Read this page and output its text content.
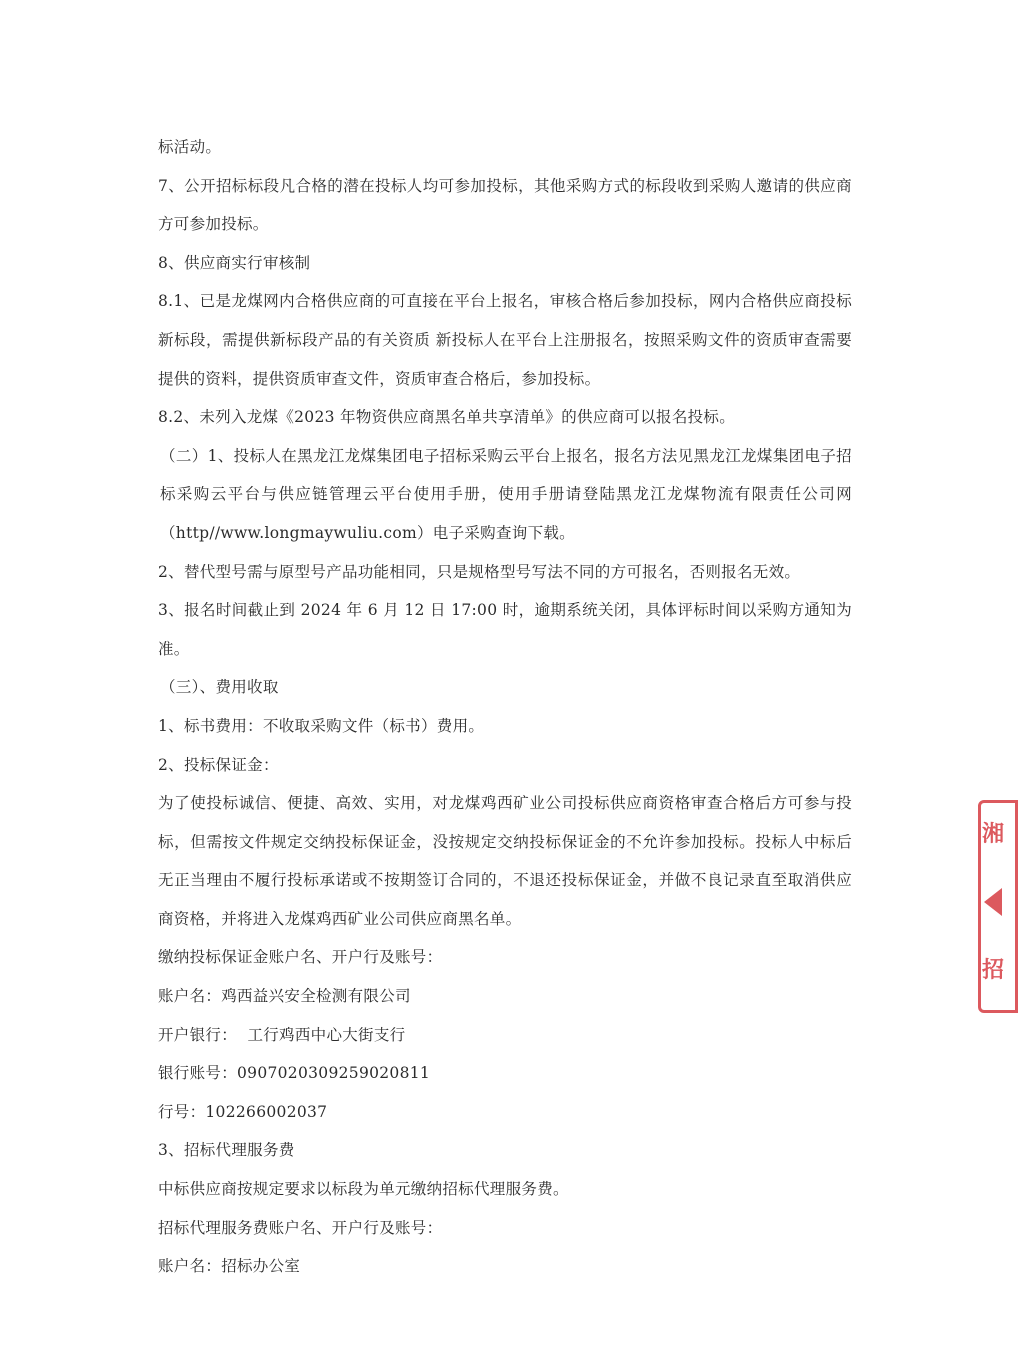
标活动。

7、公开招标标段凡合格的潜在投标人均可参加投标，其他采购方式的标段收到采购人邀请的供应商方可参加投标。

8、供应商实行审核制

8.1、已是龙煤网内合格供应商的可直接在平台上报名，审核合格后参加投标，网内合格供应商投标新标段，需提供新标段产品的有关资质 新投标人在平台上注册报名，按照采购文件的资质审查需要提供的资料，提供资质审查文件，资质审查合格后，参加投标。

8.2、未列入龙煤《2023 年物资供应商黑名单共享清单》的供应商可以报名投标。

（二）1、投标人在黑龙江龙煤集团电子招标采购云平台上报名，报名方法见黑龙江龙煤集团电子招标采购云平台与供应链管理云平台使用手册，使用手册请登陆黑龙江龙煤物流有限责任公司网（http//www.longmaywuliu.com）电子采购查询下载。

2、替代型号需与原型号产品功能相同，只是规格型号写法不同的方可报名，否则报名无效。

3、报名时间截止到 2024 年 6 月 12 日 17:00 时，逾期系统关闭，具体评标时间以采购方通知为准。

（三）、费用收取

1、标书费用：不收取采购文件（标书）费用。

2、投标保证金：

为了使投标诚信、便捷、高效、实用，对龙煤鸡西矿业公司投标供应商资格审查合格后方可参与投标，但需按文件规定交纳投标保证金，没按规定交纳投标保证金的不允许参加投标。投标人中标后无正当理由不履行投标承诺或不按期签订合同的，不退还投标保证金，并做不良记录直至取消供应商资格，并将进入龙煤鸡西矿业公司供应商黑名单。

缴纳投标保证金账户名、开户行及账号：

账户名：鸡西益兴安全检测有限公司

开户银行：  工行鸡西中心大街支行

银行账号：0907020309259020811

行号：102266002037

3、招标代理服务费

中标供应商按规定要求以标段为单元缴纳招标代理服务费。

招标代理服务费账户名、开户行及账号：

账户名：招标办公室

湘
招
